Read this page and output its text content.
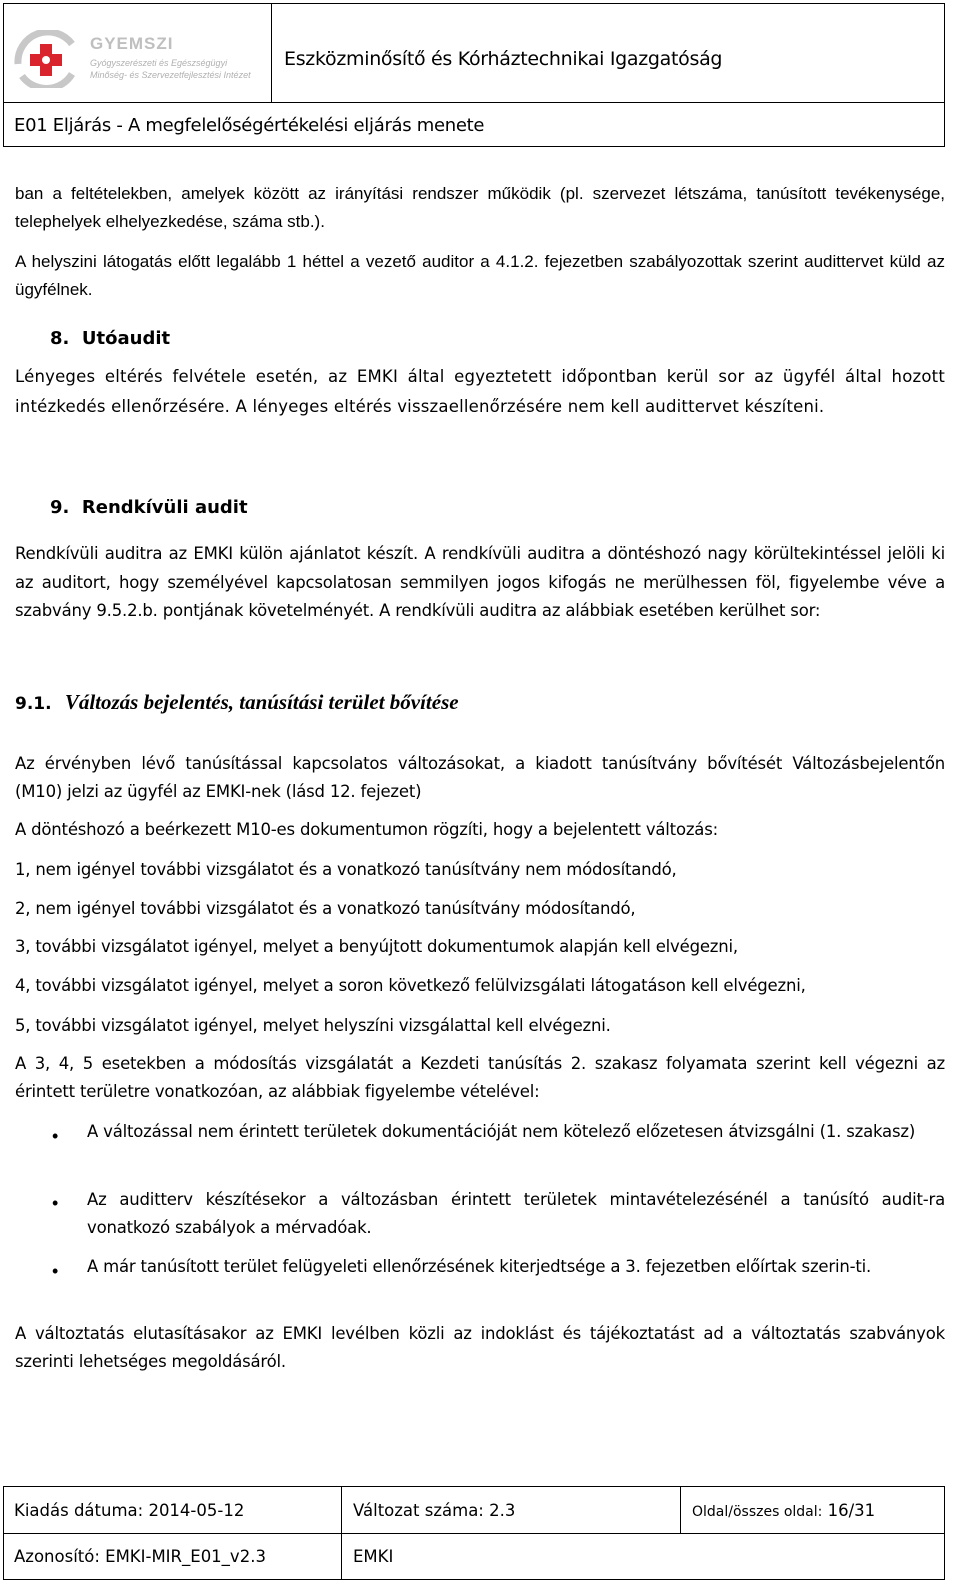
GYEMSZI
Gyógyszerészeti és Egészségügyi
Minőség- és Szervezetfejlesztési Intézet
Eszközminősítő és Kórháztechnikai Igazgatóság
E01 Eljárás - A megfelelőségértékelési eljárás menete
ban a feltételekben, amelyek között az irányítási rendszer működik (pl. szervezet létszáma, tanúsított tevékenysége, telephelyek elhelyezkedése, száma stb.).
A helyszini látogatás előtt legalább 1 héttel a vezető auditor a 4.1.2. fejezetben szabályozottak szerint audittervet küld az ügyfélnek.
8.  Utóaudit
Lényeges eltérés felvétele esetén, az EMKI által egyeztetett időpontban kerül sor az ügyfél által hozott intézkedés ellenőrzésére. A lényeges eltérés visszaellenőrzésére nem kell audittervet készíteni.
9.  Rendkívüli audit
Rendkívüli auditra az EMKI külön ajánlatot készít. A rendkívüli auditra a döntéshozó nagy körültekintéssel jelöli ki az auditort, hogy személyével kapcsolatosan semmilyen jogos kifogás ne merülhessen föl, figyelembe véve a szabvány 9.5.2.b. pontjának követelményét. A rendkívüli auditra az alábbiak esetében kerülhet sor:
9.1. Változás bejelentés, tanúsítási terület bővítése
Az érvényben lévő tanúsítással kapcsolatos változásokat, a kiadott tanúsítvány bővítését Változásbejelentőn (M10) jelzi az ügyfél az EMKI-nek (lásd 12. fejezet)
A döntéshozó a beérkezett M10-es dokumentumon rögzíti, hogy a bejelentett változás:
1, nem igényel további vizsgálatot és a vonatkozó tanúsítvány nem módosítandó,
2, nem igényel további vizsgálatot és a vonatkozó tanúsítvány módosítandó,
3, további vizsgálatot igényel, melyet a benyújtott dokumentumok alapján kell elvégezni,
4, további vizsgálatot igényel, melyet a soron következő felülvizsgálati látogatáson kell elvégezni,
5, további vizsgálatot igényel, melyet helyszíni vizsgálattal kell elvégezni.
A 3, 4, 5 esetekben a módosítás vizsgálatát a Kezdeti tanúsítás 2. szakasz folyamata szerint kell végezni az érintett területre vonatkozóan, az alábbiak figyelembe vételével:
• A változással nem érintett területek dokumentációját nem kötelező előzetesen átvizsgálni (1. szakasz)
• Az auditterv készítésekor a változásban érintett területek mintavételezésénél a tanúsító audit-ra vonatkozó szabályok a mérvadóak.
• A már tanúsított terület felügyeleti ellenőrzésének kiterjedtsége a 3. fejezetben előírtak szerin-ti.
A változtatás elutasításakor az EMKI levélben közli az indoklást és tájékoztatást ad a változtatás szabványok szerinti lehetséges megoldásáról.
Kiadás dátuma: 2014-05-12	Változat száma: 2.3	Oldal/összes oldal: 16/31
Azonosító: EMKI-MIR_E01_v2.3	EMKI
